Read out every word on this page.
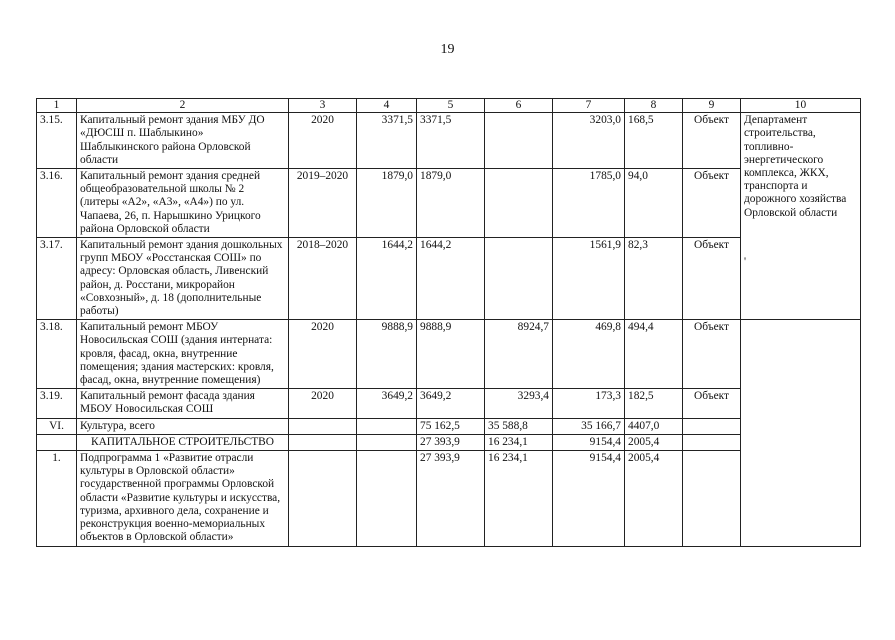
19
1	2	3	4	5	6	7	8	9	10
3.15.	Капитальный ремонт здания МБУ ДО «ДЮСШ п. Шаблыкино» Шаблыкинского района Орловской области	2020	3371,5	3371,5		3203,0	168,5	Объект	Департамент строительства, топливно-энергетического комплекса, ЖКХ, транспорта и дорожного хозяйства Орловской области
'

3.16.	Капитальный ремонт здания средней общеобразовательной школы № 2 (литеры «А2», «А3», «А4») по ул. Чапаева, 26, п. Нарышкино Урицкого района Орловской области	2019–2020	1879,0	1879,0		1785,0	94,0	Объект	
3.17.	Капитальный ремонт здания дошкольных групп МБОУ «Росстанская СОШ» по адресу: Орловская область, Ливенский район, д. Росстани, микрорайон «Совхозный», д. 18 (дополнительные работы)	2018–2020	1644,2	1644,2		1561,9	82,3	Объект	
3.18.	Капитальный ремонт МБОУ Новосильская СОШ (здания интерната: кровля, фасад, окна, внутренние помещения; здания мастерских: кровля, фасад, окна, внутренние помещения)	2020	9888,9	9888,9	8924,7	469,8	494,4	Объект	
3.19.	Капитальный ремонт фасада здания МБОУ Новосильская СОШ	2020	3649,2	3649,2	3293,4	173,3	182,5	Объект	
VI.	Культура, всего			75 162,5	35 588,8	35 166,7	4407,0		
	КАПИТАЛЬНОЕ СТРОИТЕЛЬСТВО			27 393,9	16 234,1	9154,4	2005,4		
1.	Подпрограмма 1 «Развитие отрасли культуры в Орловской области» государственной программы Орловской области «Развитие культуры и искусства, туризма, архивного дела, сохранение и реконструкция военно-мемориальных объектов в Орловской области»			27 393,9	16 234,1	9154,4	2005,4		
